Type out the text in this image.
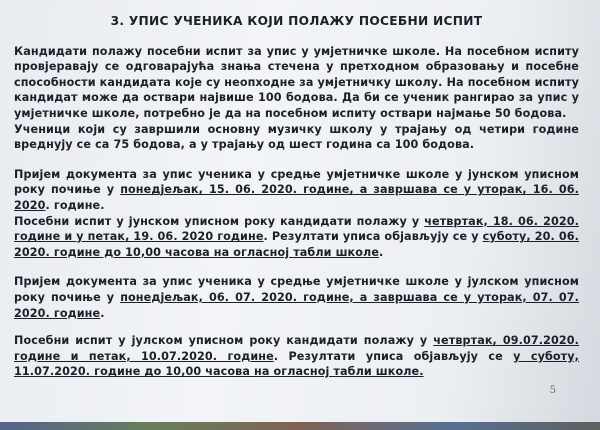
3. УПИС УЧЕНИКА КОЈИ ПОЛАЖУ ПОСЕБНИ ИСПИТ

Кандидати полажу посебни испит за упис у умјетничке школе. На посебном испиту провјеравају се одговарајућа знања стечена у претходном образовању и посебне способности кандидата које су неопходне за умјетничку школу. На посебном испиту кандидат може да оствари највише 100 бодова. Да би се ученик рангирао за упис у умјетничке школе, потребно је да на посебном испиту оствари најмање 50 бодова.

Ученици који су завршили основну музичку школу у трајању од четири године вреднују се са 75 бодова, а у трајању од шест година са 100 бодова.

Пријем документа за упис ученика у средње умјетничке школе у јунском уписном року почиње у понедјељак, 15. 06. 2020. године, а завршава се у уторак, 16. 06. 2020. године.

Посебни испит у јунском уписном року кандидати полажу у четвртак, 18. 06. 2020. године и у петак, 19. 06. 2020 године. Резултати уписа објављују се у суботу, 20. 06. 2020. године до 10,00 часова на огласној табли школе.

Пријем документа за упис ученика у средње умјетничке школе у јулском уписном року почиње у понедјељак, 06. 07. 2020. године, а завршава се у уторак, 07. 07. 2020. године.

Посебни испит у јулском уписном року кандидати полажу у четвртак, 09.07.2020. године и петак, 10.07.2020. године. Резултати уписа објављују се у суботу, 11.07.2020. године до 10,00 часова на огласној табли школе.

5
